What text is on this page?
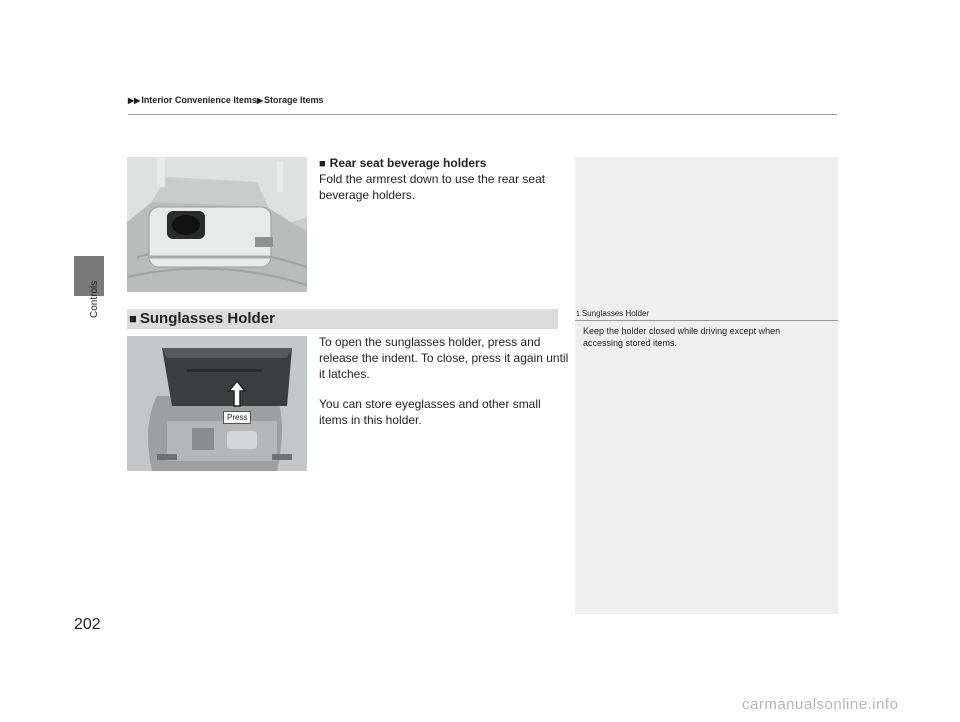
▶▶Interior Convenience Items▶Storage Items
Controls
■ Rear seat beverage holders
Fold the armrest down to use the rear seat
beverage holders.
■ Sunglasses Holder	1 Sunglasses Holder
Keep the holder closed while driving except when
accessing stored items.
Press
To open the sunglasses holder, press and
release the indent. To close, press it again until
it latches.
You can store eyeglasses and other small
items in this holder.
202
carmanualsonline.info
